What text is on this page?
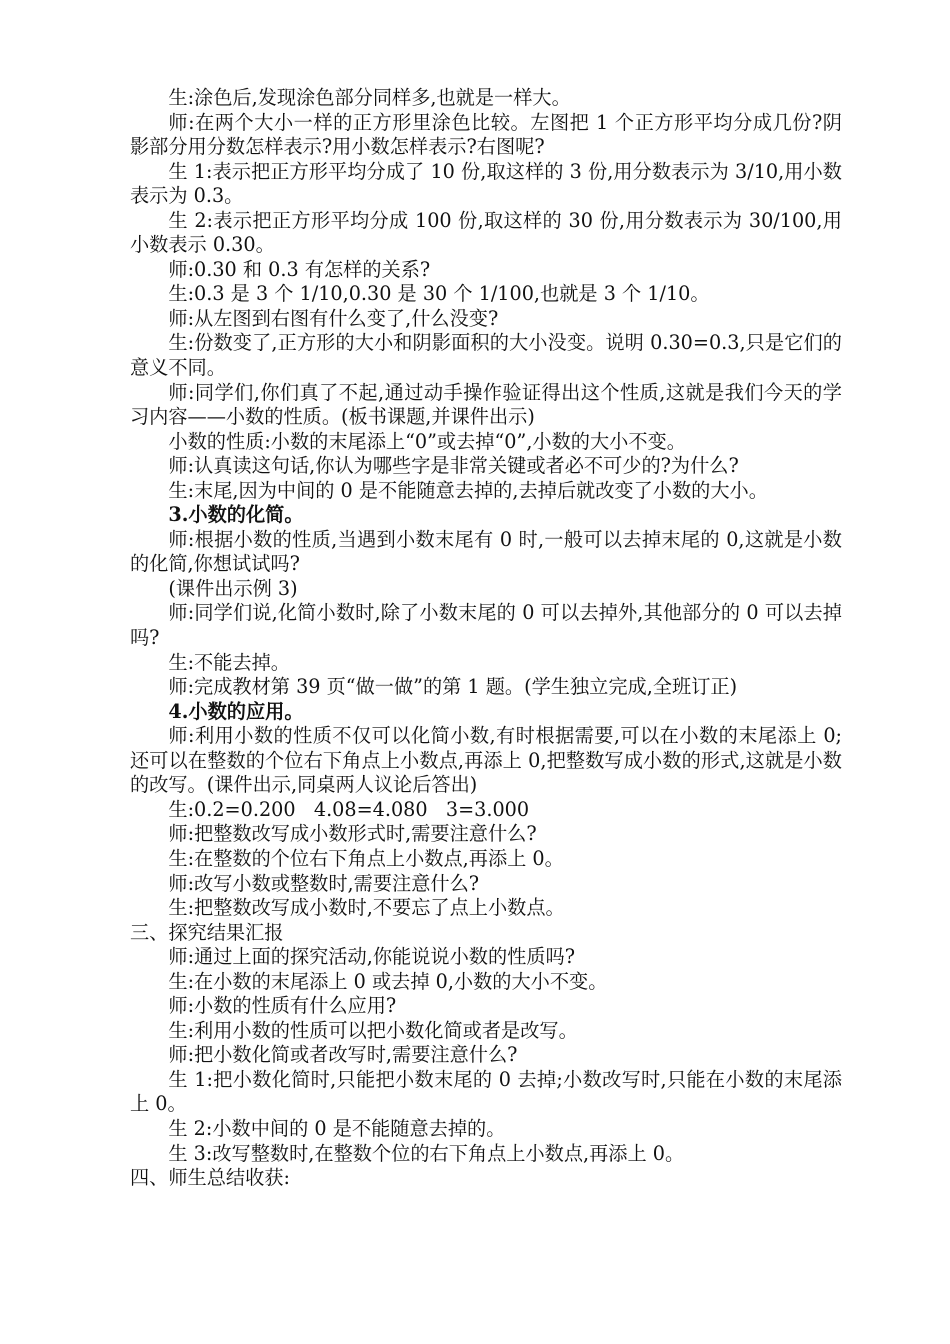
生:涂色后,发现涂色部分同样多,也就是一样大。

师:在两个大小一样的正方形里涂色比较。左图把 1 个正方形平均分成几份?阴影部分用分数怎样表示?用小数怎样表示?右图呢?

生 1:表示把正方形平均分成了 10 份,取这样的 3 份,用分数表示为 3/10,用小数表示为 0.3。

生 2:表示把正方形平均分成 100 份,取这样的 30 份,用分数表示为 30/100,用小数表示 0.30。

师:0.30 和 0.3 有怎样的关系?

生:0.3 是 3 个 1/10,0.30 是 30 个 1/100,也就是 3 个 1/10。

师:从左图到右图有什么变了,什么没变?

生:份数变了,正方形的大小和阴影面积的大小没变。说明 0.30=0.3,只是它们的意义不同。

师:同学们,你们真了不起,通过动手操作验证得出这个性质,这就是我们今天的学习内容——小数的性质。(板书课题,并课件出示)

小数的性质:小数的末尾添上“0”或去掉“0”,小数的大小不变。

师:认真读这句话,你认为哪些字是非常关键或者必不可少的?为什么?

生:末尾,因为中间的 0 是不能随意去掉的,去掉后就改变了小数的大小。

3.小数的化简。

师:根据小数的性质,当遇到小数末尾有 0 时,一般可以去掉末尾的 0,这就是小数的化简,你想试试吗?

(课件出示例 3)

师:同学们说,化简小数时,除了小数末尾的 0 可以去掉外,其他部分的 0 可以去掉吗?

生:不能去掉。

师:完成教材第 39 页“做一做”的第 1 题。(学生独立完成,全班订正)

4.小数的应用。

师:利用小数的性质不仅可以化简小数,有时根据需要,可以在小数的末尾添上 0;还可以在整数的个位右下角点上小数点,再添上 0,把整数写成小数的形式,这就是小数的改写。(课件出示,同桌两人议论后答出)

生:0.2=0.200   4.08=4.080   3=3.000

师:把整数改写成小数形式时,需要注意什么?

生:在整数的个位右下角点上小数点,再添上 0。

师:改写小数或整数时,需要注意什么?

生:把整数改写成小数时,不要忘了点上小数点。

三、探究结果汇报

师:通过上面的探究活动,你能说说小数的性质吗?

生:在小数的末尾添上 0 或去掉 0,小数的大小不变。

师:小数的性质有什么应用?

生:利用小数的性质可以把小数化简或者是改写。

师:把小数化简或者改写时,需要注意什么?

生 1:把小数化简时,只能把小数末尾的 0 去掉;小数改写时,只能在小数的末尾添上 0。

生 2:小数中间的 0 是不能随意去掉的。

生 3:改写整数时,在整数个位的右下角点上小数点,再添上 0。

四、师生总结收获:
